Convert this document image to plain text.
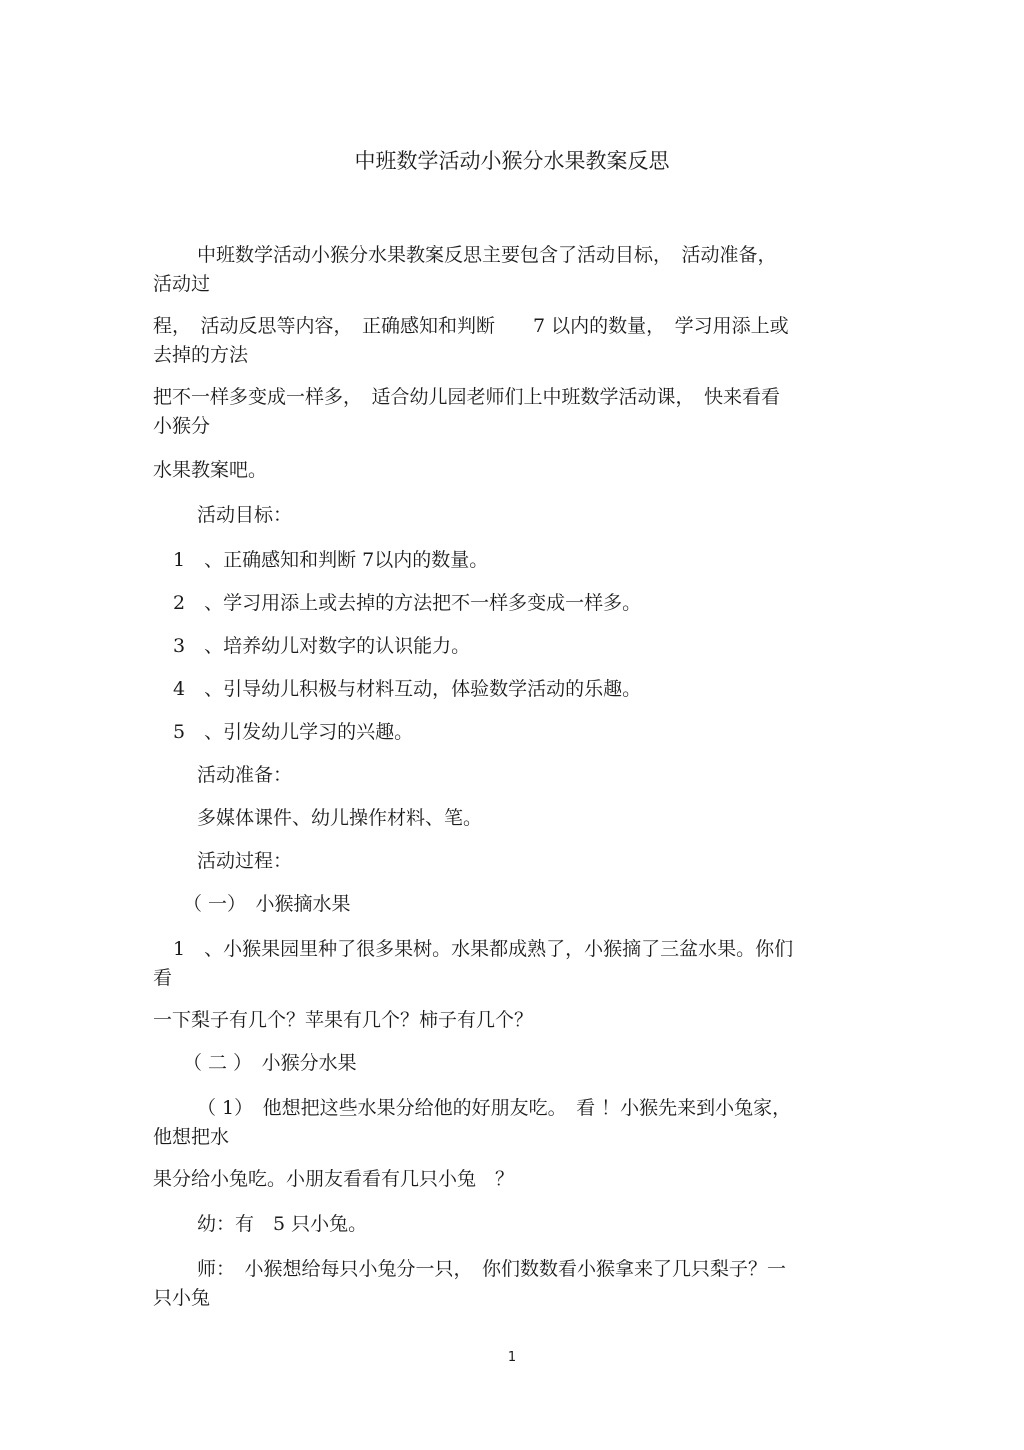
中班数学活动小猴分水果教案反思

中班数学活动小猴分水果教案反思主要包含了活动目标，　活动准备，

活动过

程，　活动反思等内容，　正确感知和判断　　7 以内的数量，　学习用添上或

去掉的方法

把不一样多变成一样多，　适合幼儿园老师们上中班数学活动课，　快来看看

小猴分

水果教案吧。

活动目标：

1　、正确感知和判断 7以内的数量。

2　、学习用添上或去掉的方法把不一样多变成一样多。

3　、培养幼儿对数字的认识能力。

4　、引导幼儿积极与材料互动，体验数学活动的乐趣。

5　、引发幼儿学习的兴趣。

活动准备：

多媒体课件、幼儿操作材料、笔。

活动过程：

（ 一）　小猴摘水果

1　、小猴果园里种了很多果树。水果都成熟了，小猴摘了三盆水果。你们

看

一下梨子有几个？苹果有几个？柿子有几个？

（ 二 ）　小猴分水果

（ 1）　他想把这些水果分给他的好朋友吃。　看 ！小猴先来到小兔家，

他想把水

果分给小兔吃。小朋友看看有几只小兔　？

幼：有　5 只小兔。

师：　小猴想给每只小兔分一只，　你们数数看小猴拿来了几只梨子？一

只小兔

1
